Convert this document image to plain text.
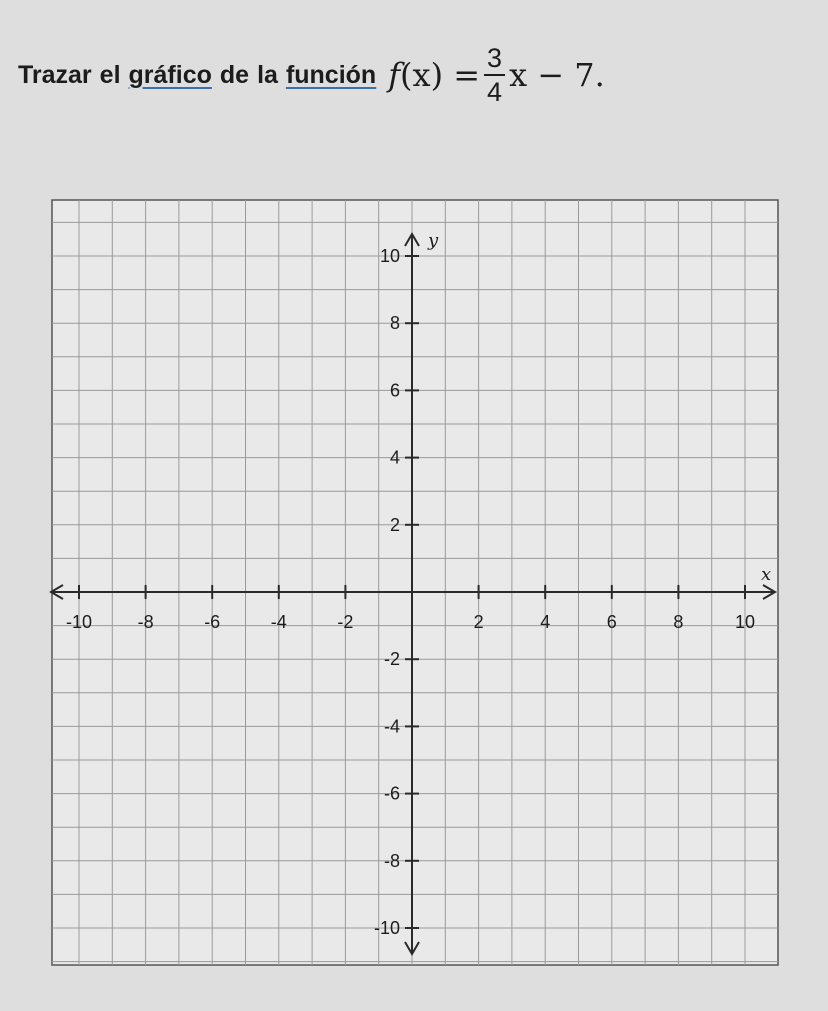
Trazar el gráfico de la función f $(x) = \frac{3}{4}$ x − 7.
x
y
-10	-8	-6	-4	-2	2	4	6	8	10
10
8
6
4
2
-2
-4
-6
-8
-10
